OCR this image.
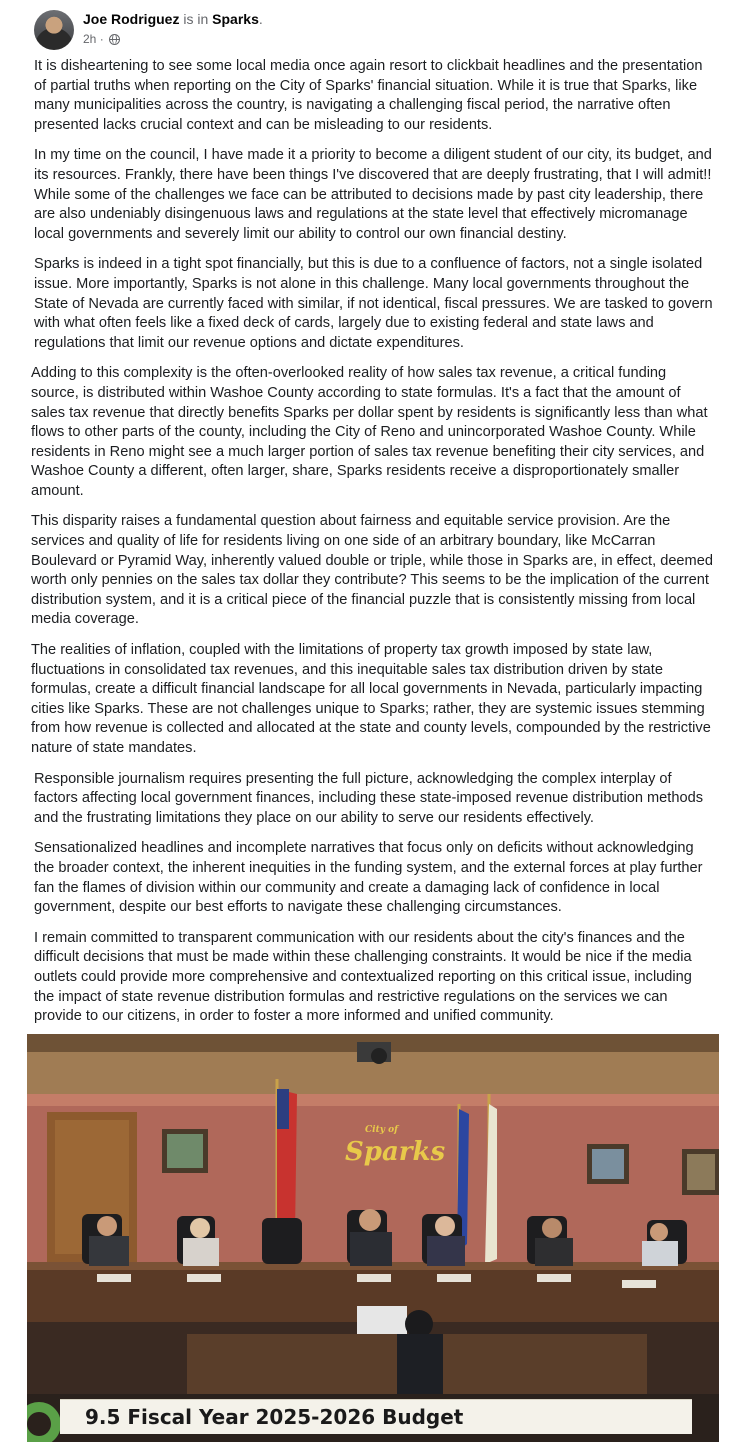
Joe Rodriguez is in Sparks.
2h ·

It is disheartening to see some local media once again resort to clickbait headlines and the presentation of partial truths when reporting on the City of Sparks' financial situation. While it is true that Sparks, like many municipalities across the country, is navigating a challenging fiscal period, the narrative often presented lacks crucial context and can be misleading to our residents.

In my time on the council, I have made it a priority to become a diligent student of our city, its budget, and its resources. Frankly, there have been things I've discovered that are deeply frustrating, that I will admit!! While some of the challenges we face can be attributed to decisions made by past city leadership, there are also undeniably disingenuous laws and regulations at the state level that effectively micromanage local governments and severely limit our ability to control our own financial destiny.

Sparks is indeed in a tight spot financially, but this is due to a confluence of factors, not a single isolated issue. More importantly, Sparks is not alone in this challenge. Many local governments throughout the State of Nevada are currently faced with similar, if not identical, fiscal pressures. We are tasked to govern with what often feels like a fixed deck of cards, largely due to existing federal and state laws and regulations that limit our revenue options and dictate expenditures.

Adding to this complexity is the often-overlooked reality of how sales tax revenue, a critical funding source, is distributed within Washoe County according to state formulas. It's a fact that the amount of sales tax revenue that directly benefits Sparks per dollar spent by residents is significantly less than what flows to other parts of the county, including the City of Reno and unincorporated Washoe County. While residents in Reno might see a much larger portion of sales tax revenue benefiting their city services, and Washoe County a different, often larger, share, Sparks residents receive a disproportionately smaller amount.

This disparity raises a fundamental question about fairness and equitable service provision. Are the services and quality of life for residents living on one side of an arbitrary boundary, like McCarran Boulevard or Pyramid Way, inherently valued double or triple, while those in Sparks are, in effect, deemed worth only pennies on the sales tax dollar they contribute? This seems to be the implication of the current distribution system, and it is a critical piece of the financial puzzle that is consistently missing from local media coverage.

The realities of inflation, coupled with the limitations of property tax growth imposed by state law, fluctuations in consolidated tax revenues, and this inequitable sales tax distribution driven by state formulas, create a difficult financial landscape for all local governments in Nevada, particularly impacting cities like Sparks. These are not challenges unique to Sparks; rather, they are systemic issues stemming from how revenue is collected and allocated at the state and county levels, compounded by the restrictive nature of state mandates.

Responsible journalism requires presenting the full picture, acknowledging the complex interplay of factors affecting local government finances, including these state-imposed revenue distribution methods and the frustrating limitations they place on our ability to serve our residents effectively.

Sensationalized headlines and incomplete narratives that focus only on deficits without acknowledging the broader context, the inherent inequities in the funding system, and the external forces at play further fan the flames of division within our community and create a damaging lack of confidence in local government, despite our best efforts to navigate these challenging circumstances.

I remain committed to transparent communication with our residents about the city's finances and the difficult decisions that must be made within these challenging constraints. It would be nice if the media outlets could provide more comprehensive and contextualized reporting on this critical issue, including the impact of state revenue distribution formulas and restrictive regulations on the services we can provide to our citizens, in order to foster a more informed and unified community.

City of
Sparks
9.5 Fiscal Year 2025-2026 Budget
